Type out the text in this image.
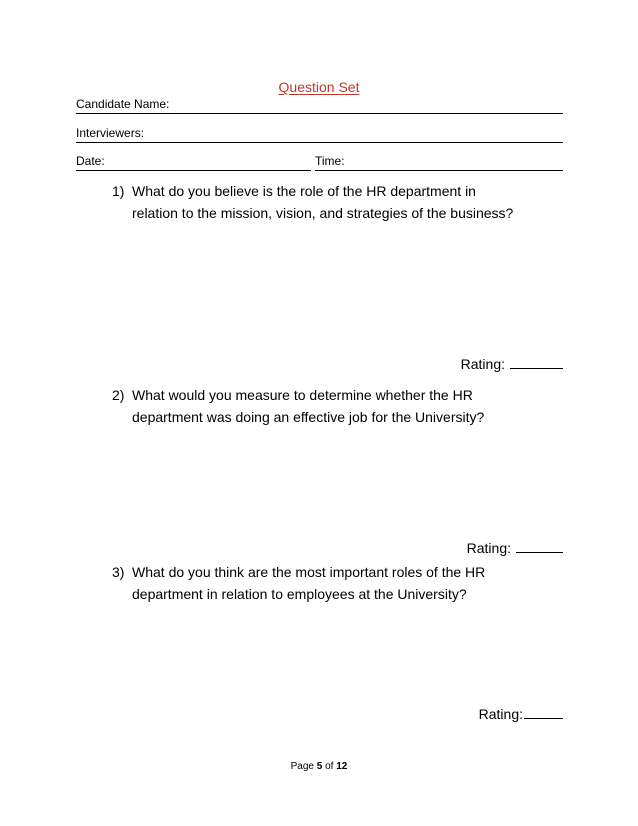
Question Set
Candidate Name:
Interviewers:
Date:	Time:
1) What do you believe is the role of the HR department in
relation to the mission, vision, and strategies of the business?
Rating:
2) What would you measure to determine whether the HR
department was doing an effective job for the University?
Rating:
3) What do you think are the most important roles of the HR
department in relation to employees at the University?
Rating:
Page 5 of 12
